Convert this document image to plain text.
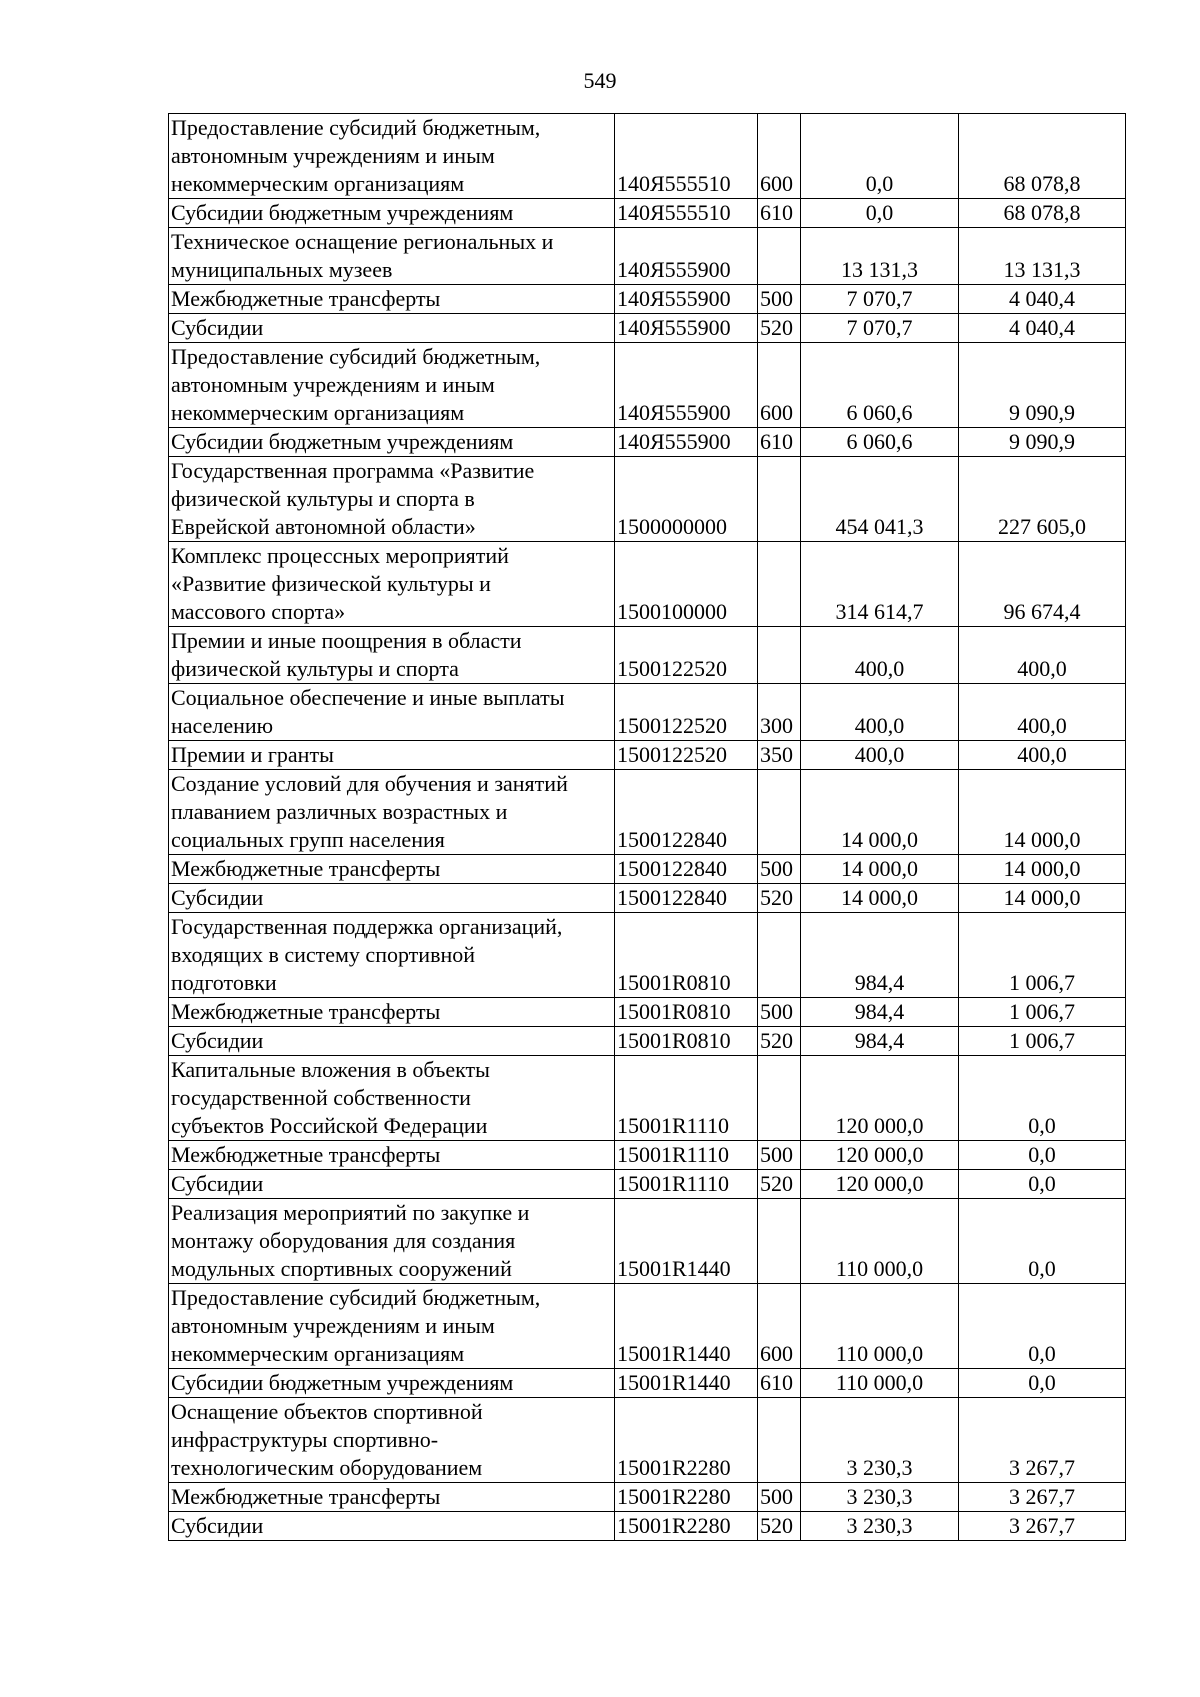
549
Предоставление субсидий бюджетным,
автономным учреждениям и иным
некоммерческим организациям	140Я555510	600	0,0	68 078,8
Субсидии бюджетным учреждениям	140Я555510	610	0,0	68 078,8
Техническое оснащение региональных и
муниципальных музеев	140Я555900		13 131,3	13 131,3
Межбюджетные трансферты	140Я555900	500	7 070,7	4 040,4
Субсидии	140Я555900	520	7 070,7	4 040,4
Предоставление субсидий бюджетным,
автономным учреждениям и иным
некоммерческим организациям	140Я555900	600	6 060,6	9 090,9
Субсидии бюджетным учреждениям	140Я555900	610	6 060,6	9 090,9
Государственная программа «Развитие
физической культуры и спорта в
Еврейской автономной области»	1500000000		454 041,3	227 605,0
Комплекс процессных мероприятий
«Развитие физической культуры и
массового спорта»	1500100000		314 614,7	96 674,4
Премии и иные поощрения в области
физической культуры и спорта	1500122520		400,0	400,0
Социальное обеспечение и иные выплаты
населению	1500122520	300	400,0	400,0
Премии и гранты	1500122520	350	400,0	400,0
Создание условий для обучения и занятий
плаванием различных возрастных и
социальных групп населения	1500122840		14 000,0	14 000,0
Межбюджетные трансферты	1500122840	500	14 000,0	14 000,0
Субсидии	1500122840	520	14 000,0	14 000,0
Государственная поддержка организаций,
входящих в систему спортивной
подготовки	15001R0810		984,4	1 006,7
Межбюджетные трансферты	15001R0810	500	984,4	1 006,7
Субсидии	15001R0810	520	984,4	1 006,7
Капитальные вложения в объекты
государственной собственности
субъектов Российской Федерации	15001R1110		120 000,0	0,0
Межбюджетные трансферты	15001R1110	500	120 000,0	0,0
Субсидии	15001R1110	520	120 000,0	0,0
Реализация мероприятий по закупке и
монтажу оборудования для создания
модульных спортивных сооружений	15001R1440		110 000,0	0,0
Предоставление субсидий бюджетным,
автономным учреждениям и иным
некоммерческим организациям	15001R1440	600	110 000,0	0,0
Субсидии бюджетным учреждениям	15001R1440	610	110 000,0	0,0
Оснащение объектов спортивной
инфраструктуры спортивно-
технологическим оборудованием	15001R2280		3 230,3	3 267,7
Межбюджетные трансферты	15001R2280	500	3 230,3	3 267,7
Субсидии	15001R2280	520	3 230,3	3 267,7
